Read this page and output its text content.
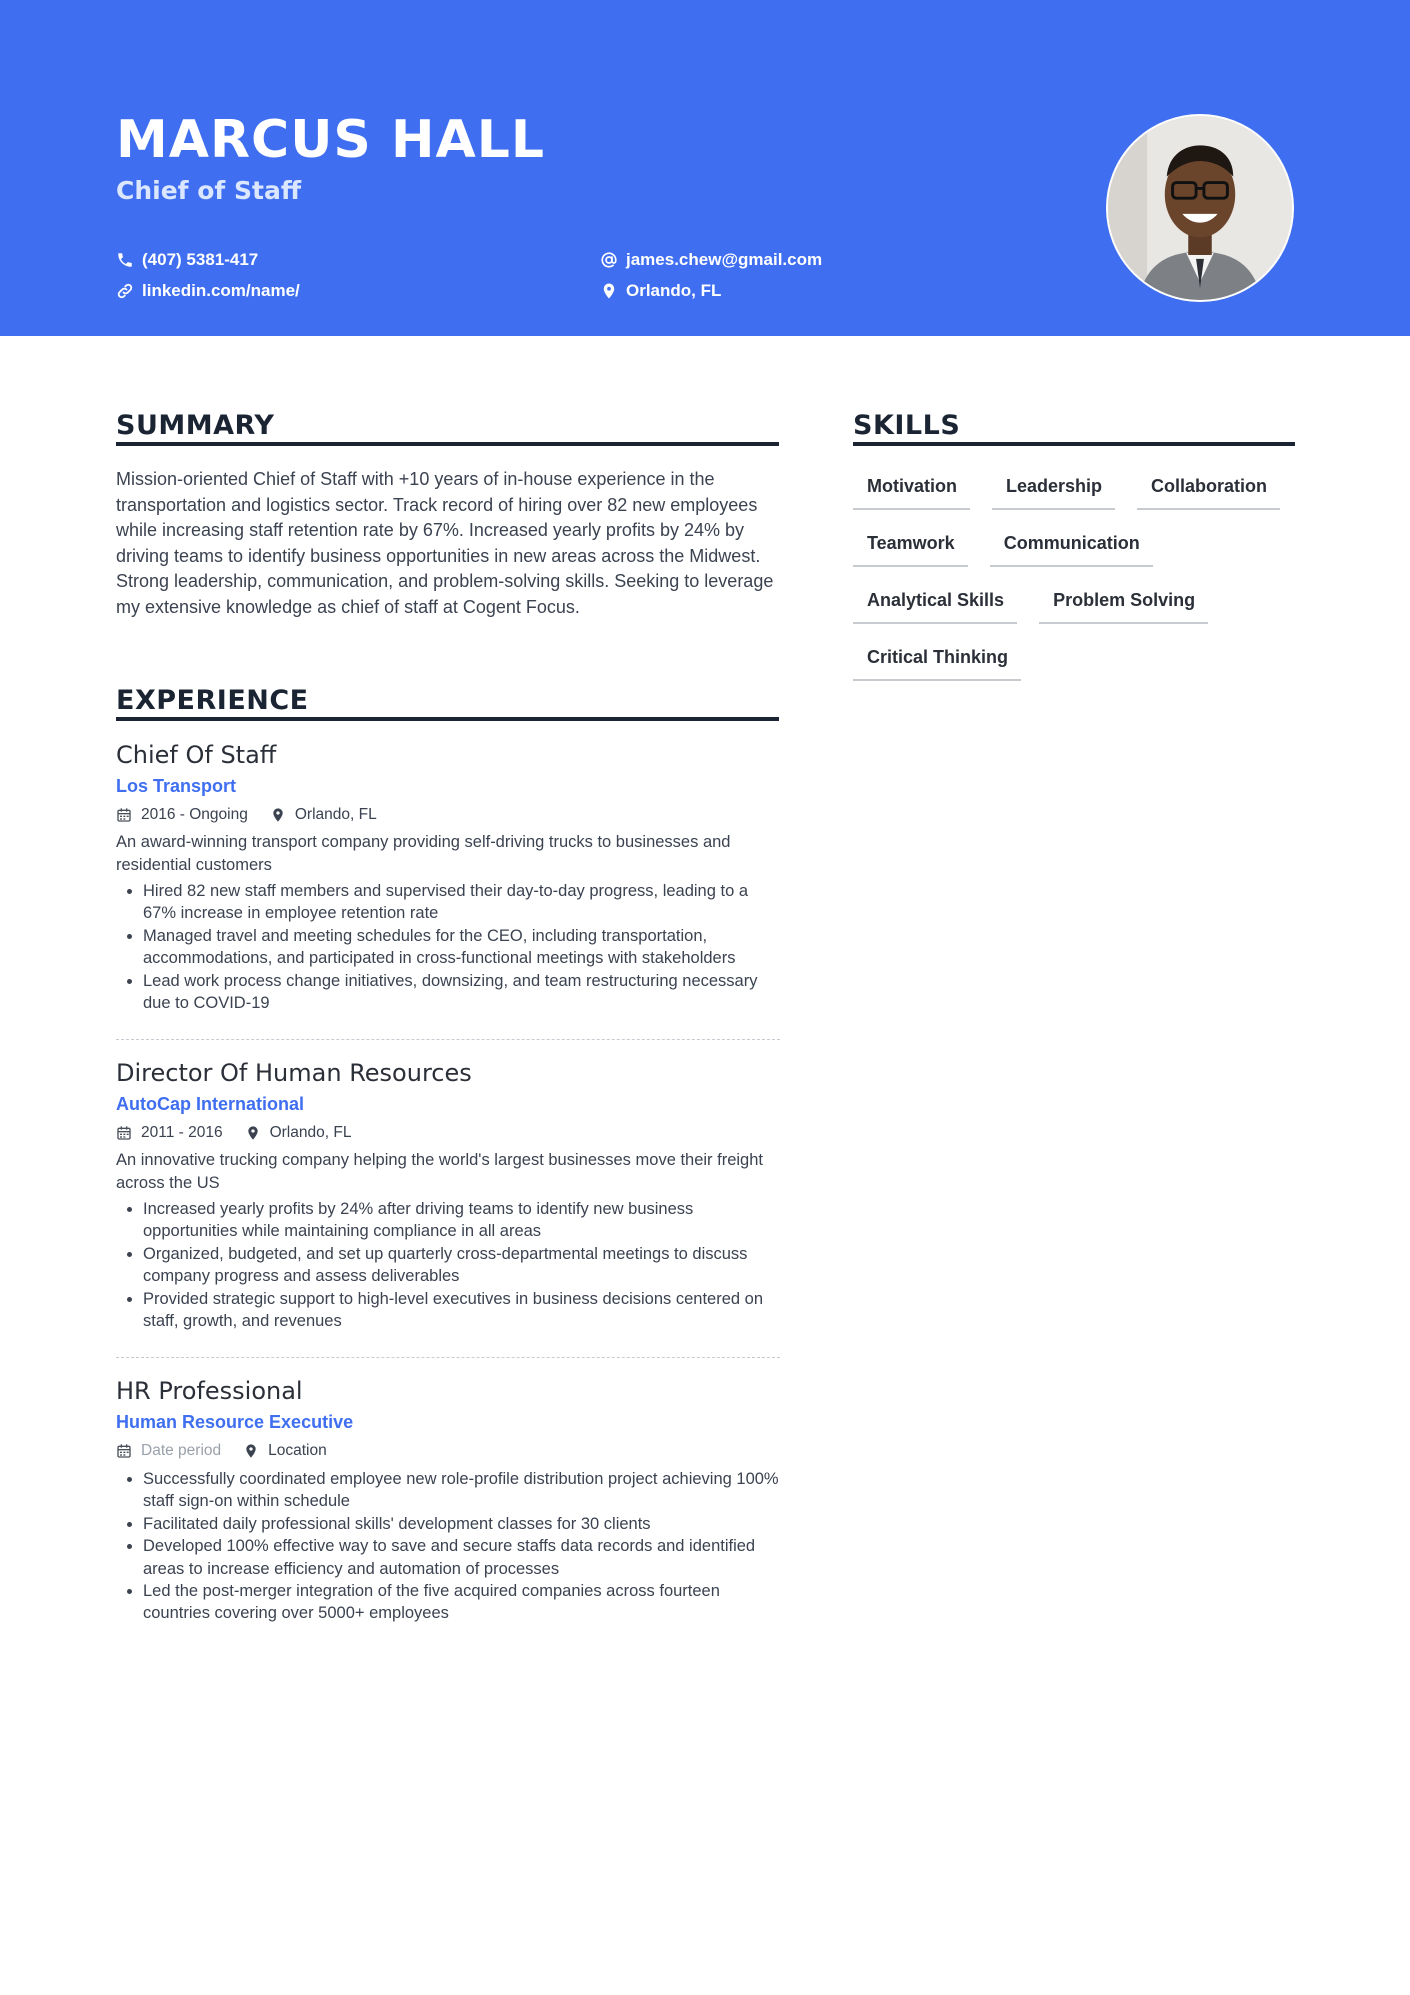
MARCUS HALL
Chief of Staff
(407) 5381-417
linkedin.com/name/
james.chew@gmail.com
Orlando, FL
SUMMARY

Mission-oriented Chief of Staff with +10 years of in-house experience in the transportation and logistics sector. Track record of hiring over 82 new employees while increasing staff retention rate by 67%. Increased yearly profits by 24% by driving teams to identify business opportunities in new areas across the Midwest. Strong leadership, communication, and problem-solving skills. Seeking to leverage my extensive knowledge as chief of staff at Cogent Focus.

EXPERIENCE
Chief Of Staff
Los Transport
2016 - Ongoing	Orlando, FL
An award-winning transport company providing self-driving trucks to businesses and residential customers
• Hired 82 new staff members and supervised their day-to-day progress, leading to a 67% increase in employee retention rate
• Managed travel and meeting schedules for the CEO, including transportation, accommodations, and participated in cross-functional meetings with stakeholders
• Lead work process change initiatives, downsizing, and team restructuring necessary due to COVID-19
Director Of Human Resources
AutoCap International
2011 - 2016	Orlando, FL
An innovative trucking company helping the world's largest businesses move their freight across the US
• Increased yearly profits by 24% after driving teams to identify new business opportunities while maintaining compliance in all areas
• Organized, budgeted, and set up quarterly cross-departmental meetings to discuss company progress and assess deliverables
• Provided strategic support to high-level executives in business decisions centered on staff, growth, and revenues
HR Professional
Human Resource Executive
Date period	Location
• Successfully coordinated employee new role-profile distribution project achieving 100% staff sign-on within schedule
• Facilitated daily professional skills' development classes for 30 clients
• Developed 100% effective way to save and secure staffs data records and identified areas to increase efficiency and automation of processes
• Led the post-merger integration of the five acquired companies across fourteen countries covering over 5000+ employees
SKILLS
Motivation	Leadership	Collaboration
Teamwork	Communication
Analytical Skills	Problem Solving
Critical Thinking
